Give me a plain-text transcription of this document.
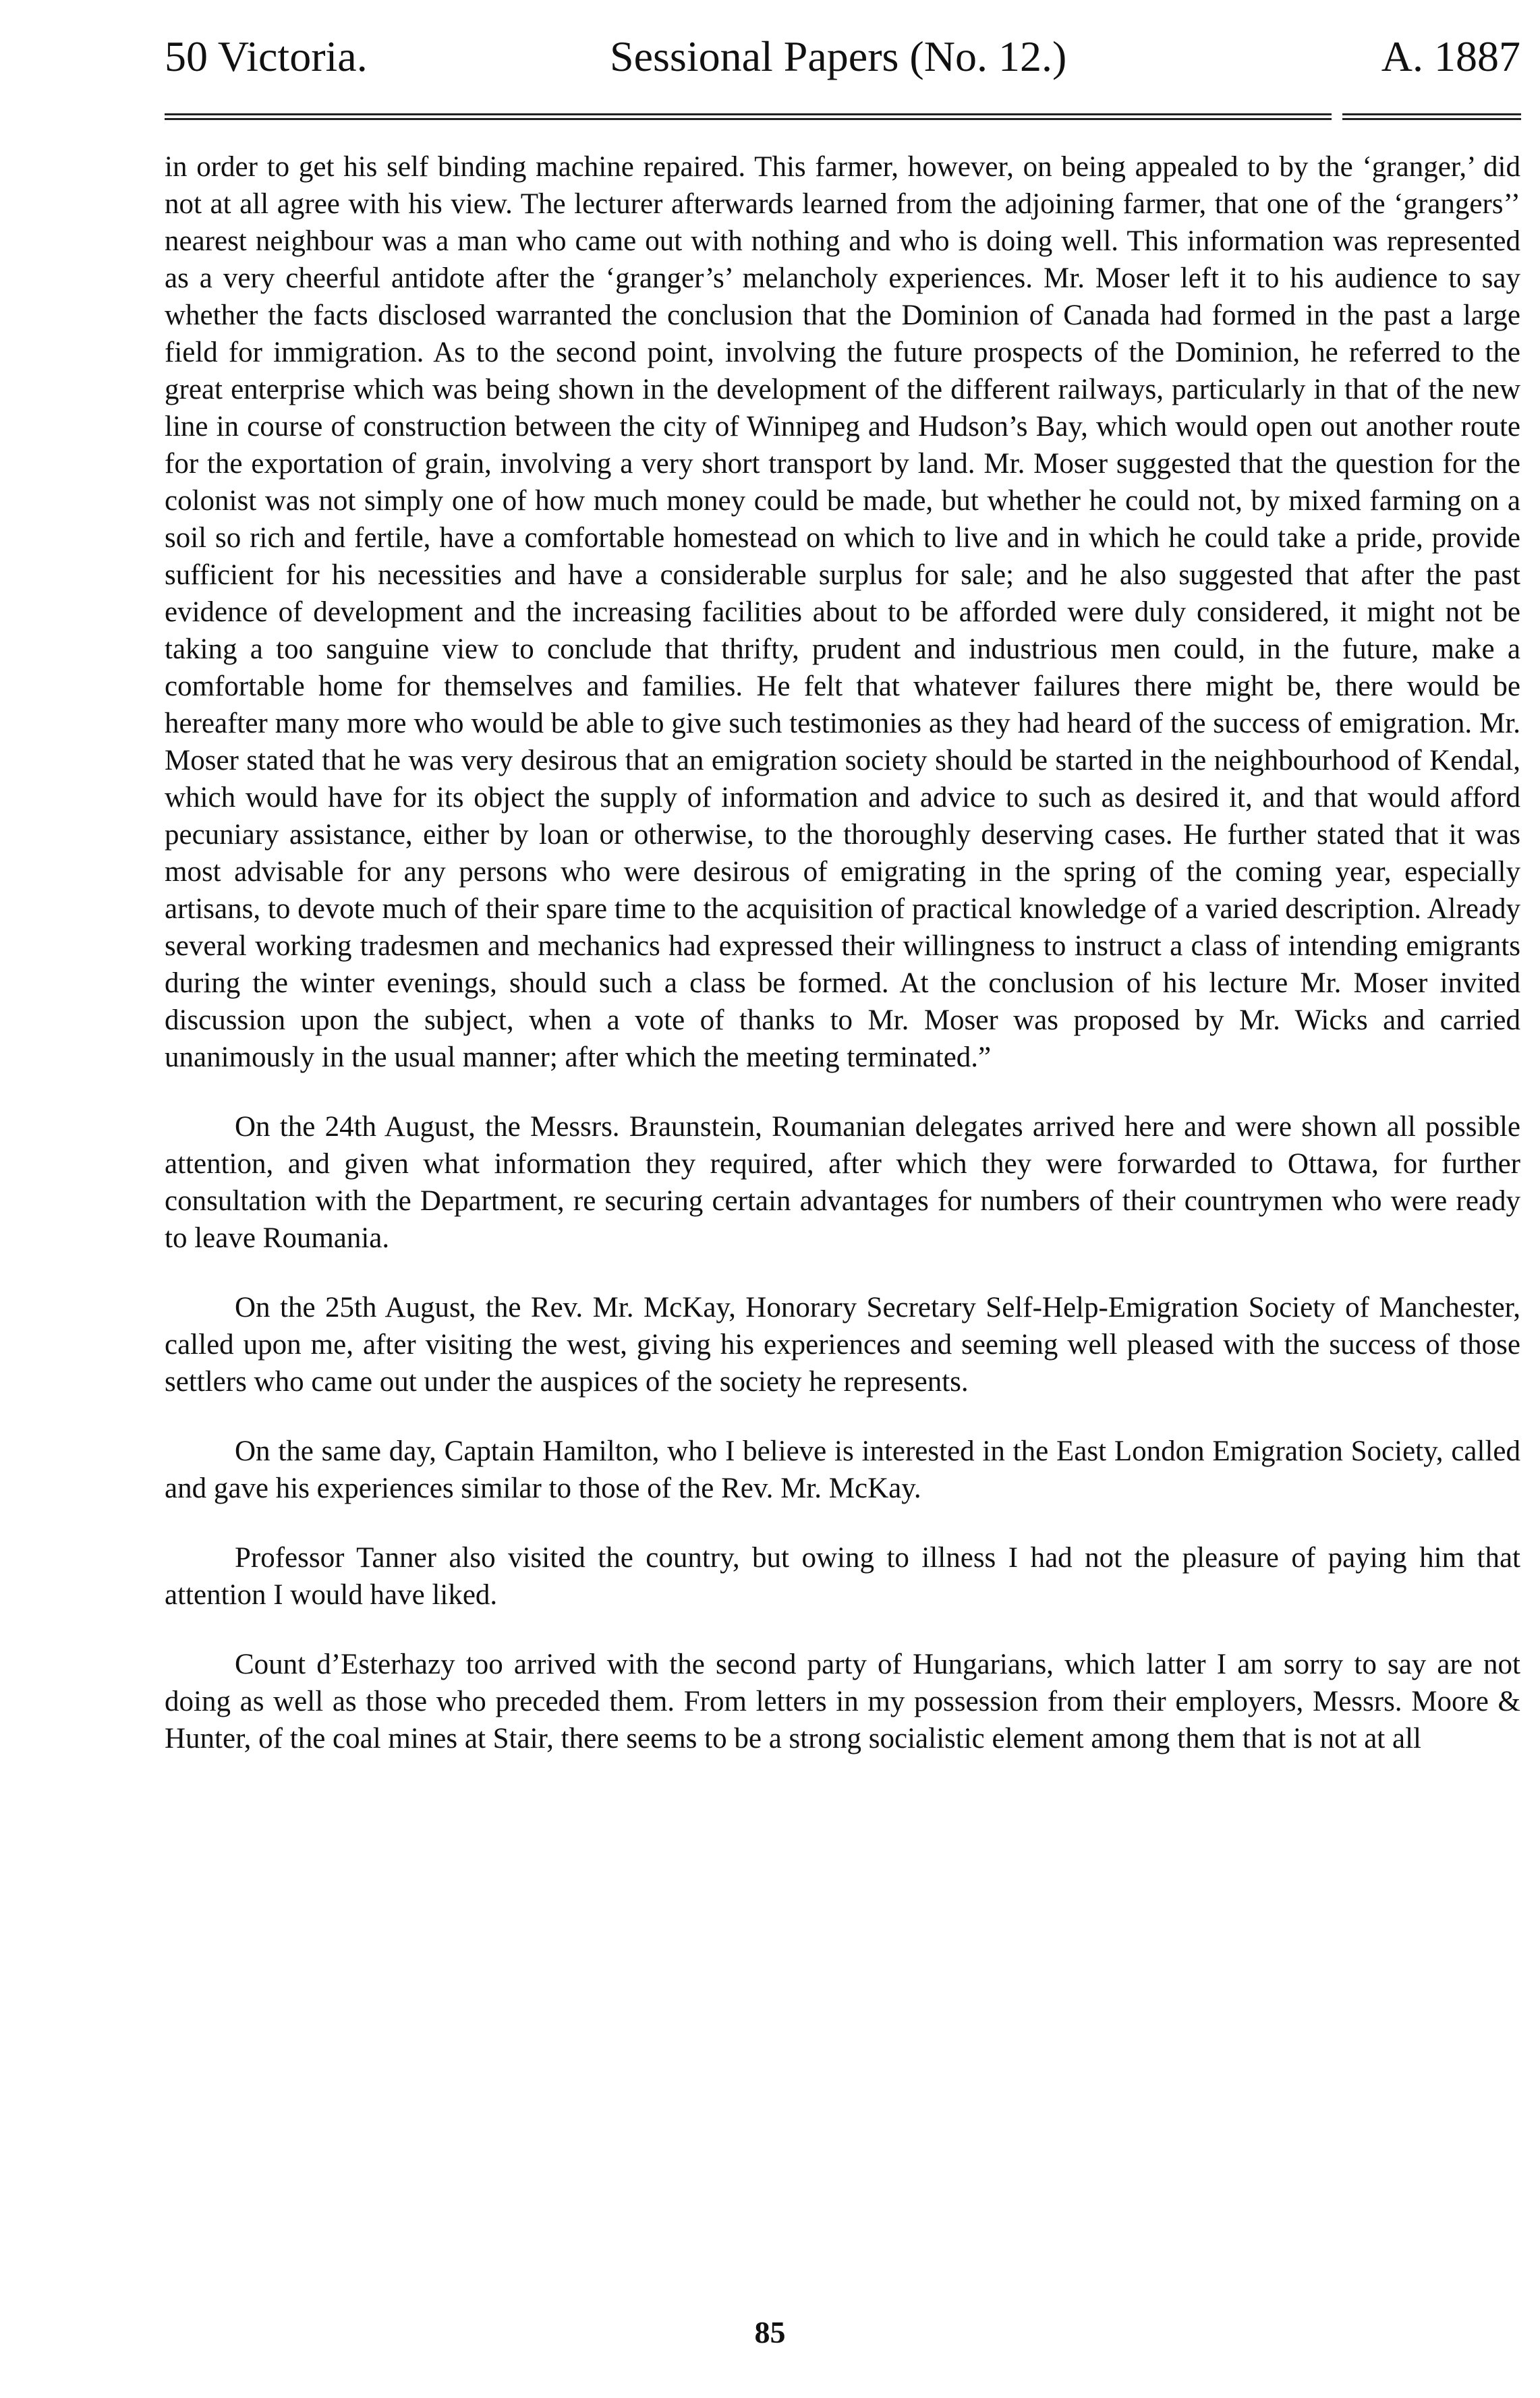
50 Victoria.	Sessional Papers (No. 12.)	A. 1887

in order to get his self binding machine repaired. This farmer, however, on being appealed to by the ‘granger,’ did not at all agree with his view. The lecturer afterwards learned from the adjoining farmer, that one of the ‘grangers’’ nearest neighbour was a man who came out with nothing and who is doing well. This information was represented as a very cheerful antidote after the ‘granger’s’ melancholy experiences. Mr. Moser left it to his audience to say whether the facts disclosed warranted the conclusion that the Dominion of Canada had formed in the past a large field for immigration. As to the second point, involving the future prospects of the Dominion, he referred to the great enterprise which was being shown in the development of the different railways, particularly in that of the new line in course of construction between the city of Winnipeg and Hudson’s Bay, which would open out another route for the exportation of grain, involving a very short transport by land. Mr. Moser suggested that the question for the colonist was not simply one of how much money could be made, but whether he could not, by mixed farming on a soil so rich and fertile, have a comfortable homestead on which to live and in which he could take a pride, provide sufficient for his necessities and have a considerable surplus for sale; and he also suggested that after the past evidence of development and the increasing facilities about to be afforded were duly considered, it might not be taking a too sanguine view to conclude that thrifty, prudent and industrious men could, in the future, make a comfortable home for themselves and families. He felt that whatever failures there might be, there would be hereafter many more who would be able to give such testimonies as they had heard of the success of emigration. Mr. Moser stated that he was very desirous that an emigration society should be started in the neighbourhood of Kendal, which would have for its object the supply of information and advice to such as desired it, and that would afford pecuniary assistance, either by loan or otherwise, to the thoroughly deserving cases. He further stated that it was most advisable for any persons who were desirous of emigrating in the spring of the coming year, especially artisans, to devote much of their spare time to the acquisition of practical knowledge of a varied description. Already several working tradesmen and mechanics had expressed their willingness to instruct a class of intending emigrants during the winter evenings, should such a class be formed. At the conclusion of his lecture Mr. Moser invited discussion upon the subject, when a vote of thanks to Mr. Moser was proposed by Mr. Wicks and carried unanimously in the usual manner; after which the meeting terminated.”

On the 24th August, the Messrs. Braunstein, Roumanian delegates arrived here and were shown all possible attention, and given what information they required, after which they were forwarded to Ottawa, for further consultation with the Department, re securing certain advantages for numbers of their countrymen who were ready to leave Roumania.

On the 25th August, the Rev. Mr. McKay, Honorary Secretary Self-Help-Emigration Society of Manchester, called upon me, after visiting the west, giving his experiences and seeming well pleased with the success of those settlers who came out under the auspices of the society he represents.

On the same day, Captain Hamilton, who I believe is interested in the East London Emigration Society, called and gave his experiences similar to those of the Rev. Mr. McKay.

Professor Tanner also visited the country, but owing to illness I had not the pleasure of paying him that attention I would have liked.

Count d’Esterhazy too arrived with the second party of Hungarians, which latter I am sorry to say are not doing as well as those who preceded them. From letters in my possession from their employers, Messrs. Moore & Hunter, of the coal mines at Stair, there seems to be a strong socialistic element among them that is not at all

85
